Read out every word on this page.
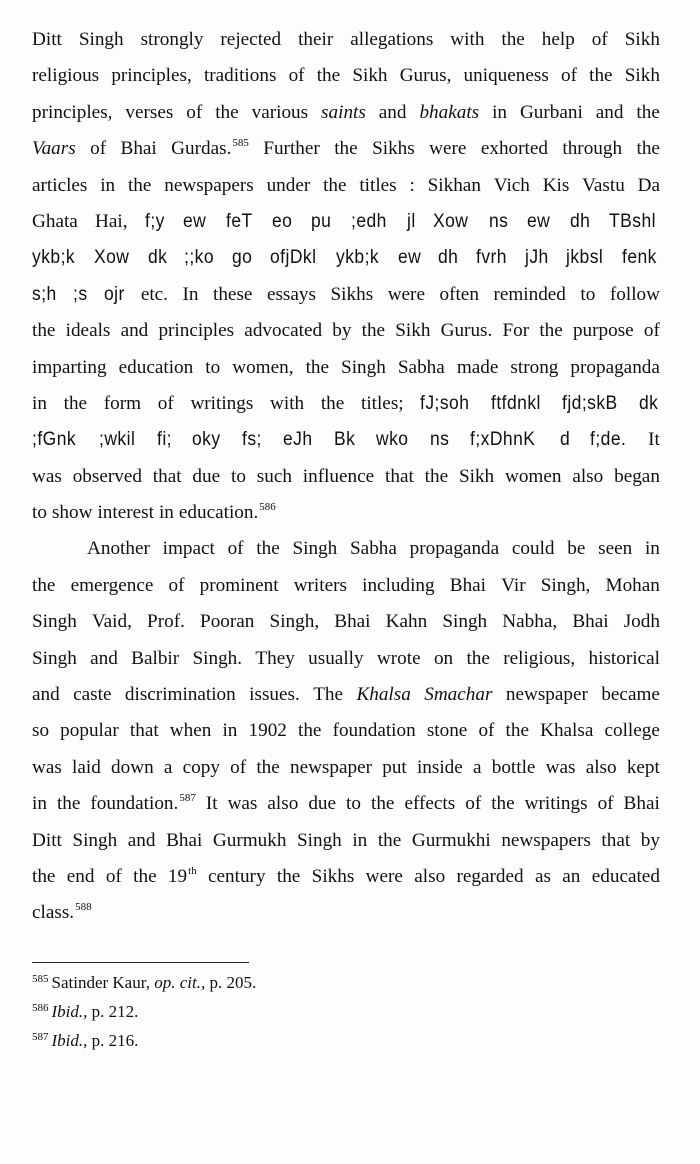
Ditt Singh strongly rejected their allegations with the help of Sikh
religious principles, traditions of the Sikh Gurus, uniqueness of the Sikh
principles, verses of the various saints and bhakats in Gurbani and the
Vaars of Bhai Gurdas.$^{585}$ Further the Sikhs were exhorted through the
articles in the newspapers under the titles : Sikhan Vich Kis Vastu Da
Ghata Hai, f;y ew feT eo pu ;edh jl Xow ns ew dh TBshl
ykb;k Xow dk ;;ko go ofjDkl ykb;k ew dh fvrh jJh jkbsl fenk
s;h ;s ojr etc. In these essays Sikhs were often reminded to follow
the ideals and principles advocated by the Sikh Gurus. For the purpose of
imparting education to women, the Singh Sabha made strong propaganda
in the form of writings with the titles; fJ;soh ftfdnkl fjd;skB dk
;fGnk ;wkil fi; oky fs; eJh Bk wko ns f;xDhnK d f;de. It
was observed that due to such influence that the Sikh women also began
to show interest in education.$^{586}$
Another impact of the Singh Sabha propaganda could be seen in
the emergence of prominent writers including Bhai Vir Singh, Mohan
Singh Vaid, Prof. Pooran Singh, Bhai Kahn Singh Nabha, Bhai Jodh
Singh and Balbir Singh. They usually wrote on the religious, historical
and caste discrimination issues. The Khalsa Smachar newspaper became
so popular that when in 1902 the foundation stone of the Khalsa college
was laid down a copy of the newspaper put inside a bottle was also kept
in the foundation.$^{587}$ It was also due to the effects of the writings of Bhai
Ditt Singh and Bhai Gurmukh Singh in the Gurmukhi newspapers that by
the end of the 19th century the Sikhs were also regarded as an educated
class.$^{588}$
$^{585}$ Satinder Kaur, op. cit., p. 205.
$^{586}$ Ibid., p. 212.
$^{587}$ Ibid., p. 216.
